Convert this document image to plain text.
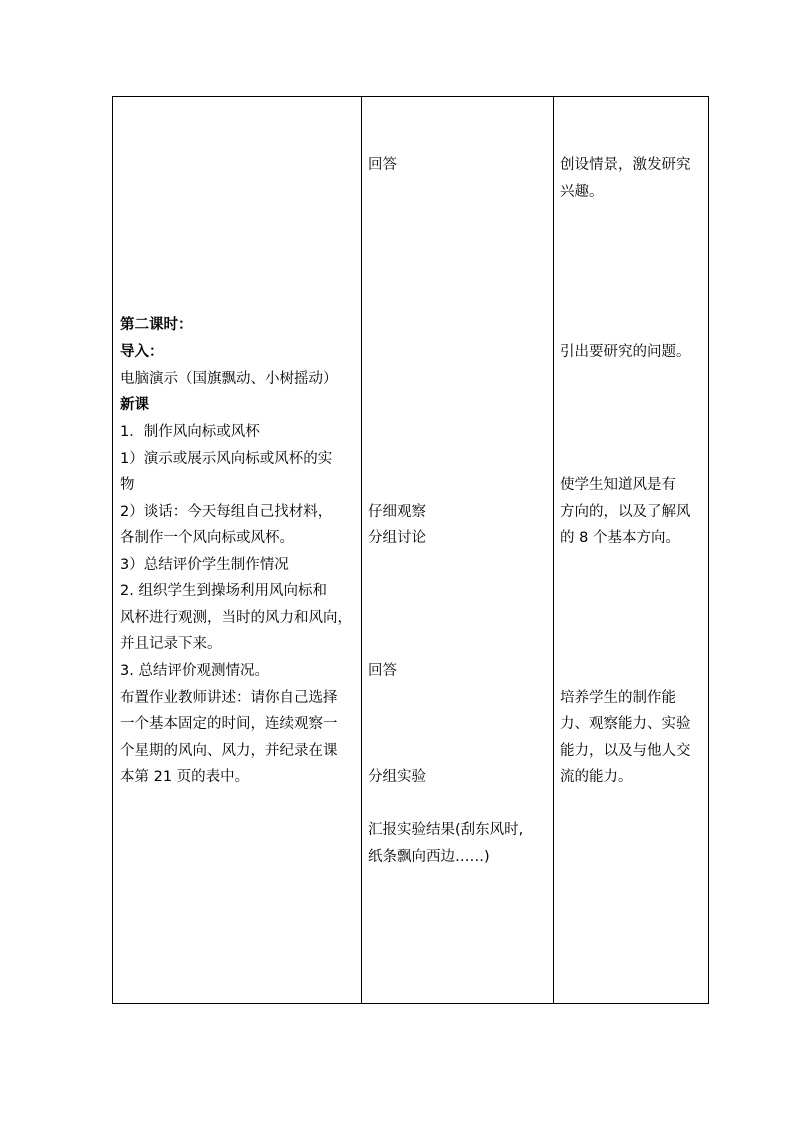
第二课时：
导入：
电脑演示（国旗飘动、小树摇动）
新课
1．制作风向标或风杯
1）演示或展示风向标或风杯的实
物
2）谈话：今天每组自己找材料，
各制作一个风向标或风杯。
3）总结评价学生制作情况
2. 组织学生到操场利用风向标和
风杯进行观测，当时的风力和风向，
并且记录下来。
3. 总结评价观测情况。
布置作业教师讲述：请你自己选择
一个基本固定的时间，连续观察一
个星期的风向、风力，并纪录在课
本第 21 页的表中。
回答
仔细观察
分组讨论
回答
分组实验
汇报实验结果(刮东风时,
纸条飘向西边……)
创设情景，激发研究
兴趣。
引出要研究的问题。
使学生知道风是有
方向的，以及了解风
的 8 个基本方向。
培养学生的制作能
力、观察能力、实验
能力，以及与他人交
流的能力。
